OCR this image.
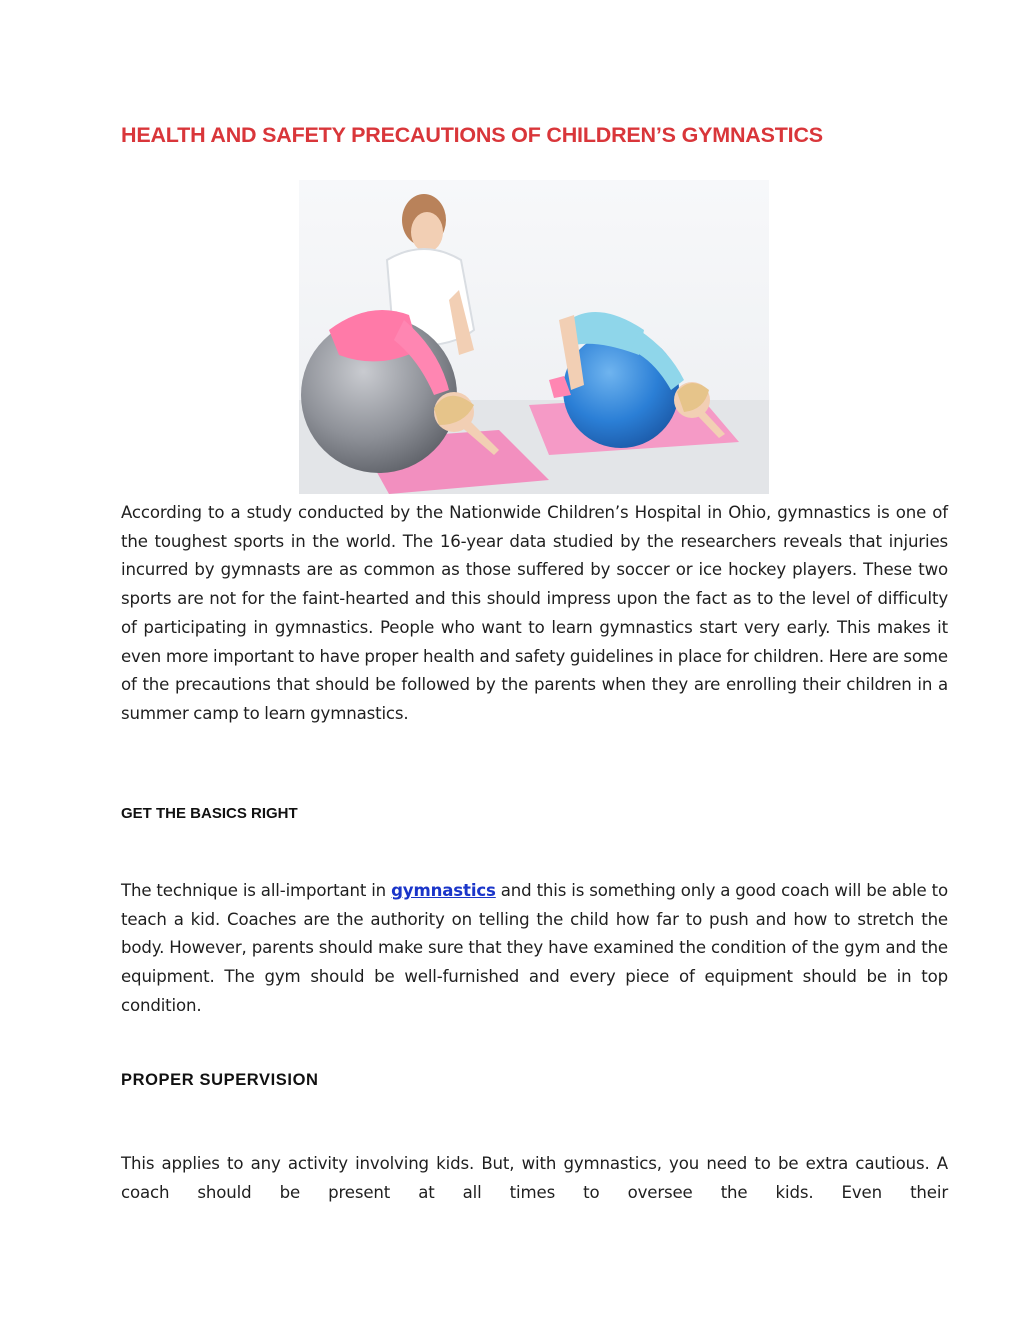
HEALTH AND SAFETY PRECAUTIONS OF CHILDREN’S GYMNASTICS

According to a study conducted by the Nationwide Children’s Hospital in Ohio, gymnastics is one of the toughest sports in the world. The 16-year data studied by the researchers reveals that injuries incurred by gymnasts are as common as those suffered by soccer or ice hockey players. These two sports are not for the faint-hearted and this should impress upon the fact as to the level of difficulty of participating in gymnastics. People who want to learn gymnastics start very early. This makes it even more important to have proper health and safety guidelines in place for children. Here are some of the precautions that should be followed by the parents when they are enrolling their children in a summer camp to learn gymnastics.

GET THE BASICS RIGHT

The technique is all-important in gymnastics and this is something only a good coach will be able to teach a kid. Coaches are the authority on telling the child how far to push and how to stretch the body. However, parents should make sure that they have examined the condition of the gym and the equipment. The gym should be well-furnished and every piece of equipment should be in top condition.

PROPER SUPERVISION

This applies to any activity involving kids. But, with gymnastics, you need to be extra cautious. A coach should be present at all times to oversee the kids. Even their
